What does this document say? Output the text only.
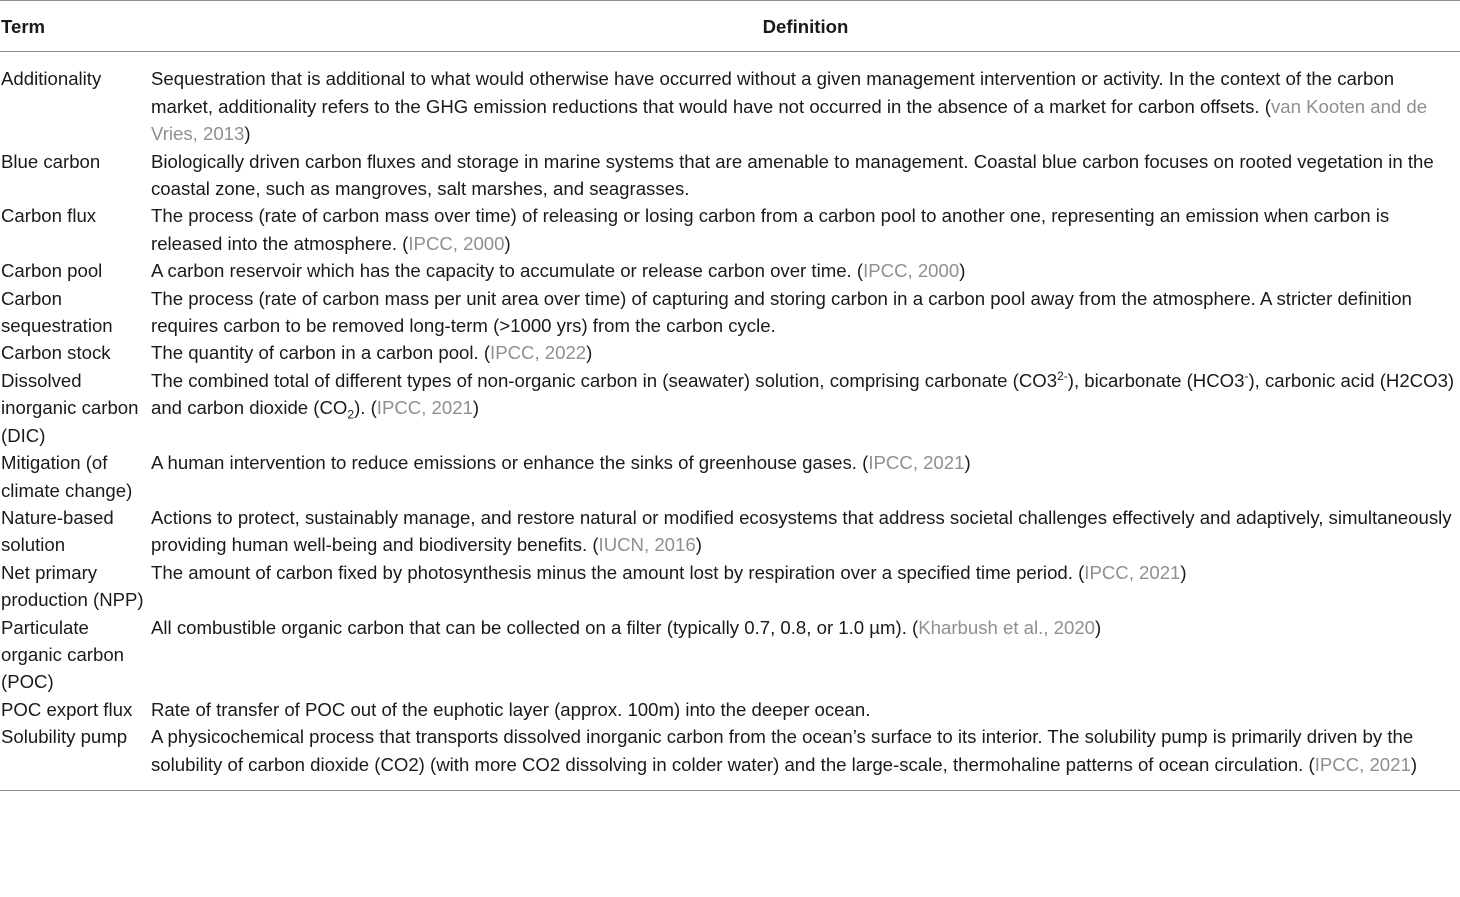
Term	Definition
Additionality	Sequestration that is additional to what would otherwise have occurred without a given management intervention or activity. In the context of the carbon market, additionality refers to the GHG emission reductions that would have not occurred in the absence of a market for carbon offsets. (van Kooten and de Vries, 2013)
Blue carbon	Biologically driven carbon fluxes and storage in marine systems that are amenable to management. Coastal blue carbon focuses on rooted vegetation in the coastal zone, such as mangroves, salt marshes, and seagrasses.
Carbon flux	The process (rate of carbon mass over time) of releasing or losing carbon from a carbon pool to another one, representing an emission when carbon is released into the atmosphere. (IPCC, 2000)
Carbon pool	A carbon reservoir which has the capacity to accumulate or release carbon over time. (IPCC, 2000)
Carbon sequestration	The process (rate of carbon mass per unit area over time) of capturing and storing carbon in a carbon pool away from the atmosphere. A stricter definition requires carbon to be removed long-term (>1000 yrs) from the carbon cycle.
Carbon stock	The quantity of carbon in a carbon pool. (IPCC, 2022)
Dissolved inorganic carbon (DIC)	The combined total of different types of non-organic carbon in (seawater) solution, comprising carbonate $(CO3^{2-})$, bicarbonate (HCO3-), carbonic acid (H2CO3) and carbon dioxide $(CO_2)$. (IPCC, 2021)
Mitigation (of climate change)	A human intervention to reduce emissions or enhance the sinks of greenhouse gases. (IPCC, 2021)
Nature-based solution	Actions to protect, sustainably manage, and restore natural or modified ecosystems that address societal challenges effectively and adaptively, simultaneously providing human well-being and biodiversity benefits. (IUCN, 2016)
Net primary production (NPP)	The amount of carbon fixed by photosynthesis minus the amount lost by respiration over a specified time period. (IPCC, 2021)
Particulate organic carbon (POC)	All combustible organic carbon that can be collected on a filter (typically 0.7, 0.8, or 1.0 µm). (Kharbush et al., 2020)
POC export flux	Rate of transfer of POC out of the euphotic layer (approx. 100m) into the deeper ocean.
Solubility pump	A physicochemical process that transports dissolved inorganic carbon from the ocean’s surface to its interior. The solubility pump is primarily driven by the solubility of carbon dioxide (CO2) (with more CO2 dissolving in colder water) and the large-scale, thermohaline patterns of ocean circulation. (IPCC, 2021)
